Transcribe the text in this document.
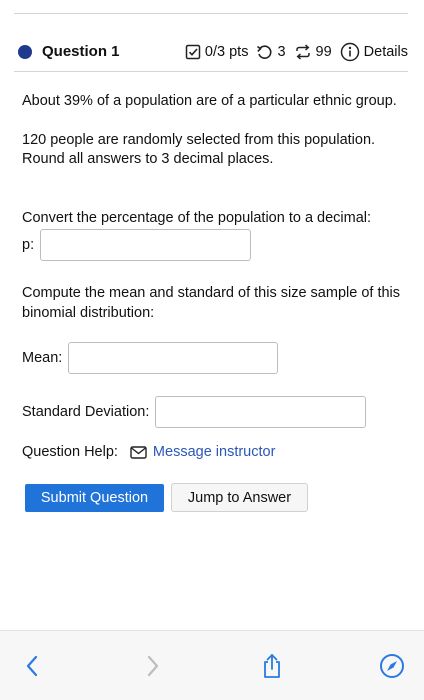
Question 1	0/3 pts 3 99 Details

About 39% of a population are of a particular ethnic group.

120 people are randomly selected from this population.

Round all answers to 3 decimal places.

Convert the percentage of the population to a decimal:

p:

Compute the mean and standard of this size sample of this binomial distribution:

Mean:
Standard Deviation:
Question Help: Message instructor
Submit Question	Jump to Answer
